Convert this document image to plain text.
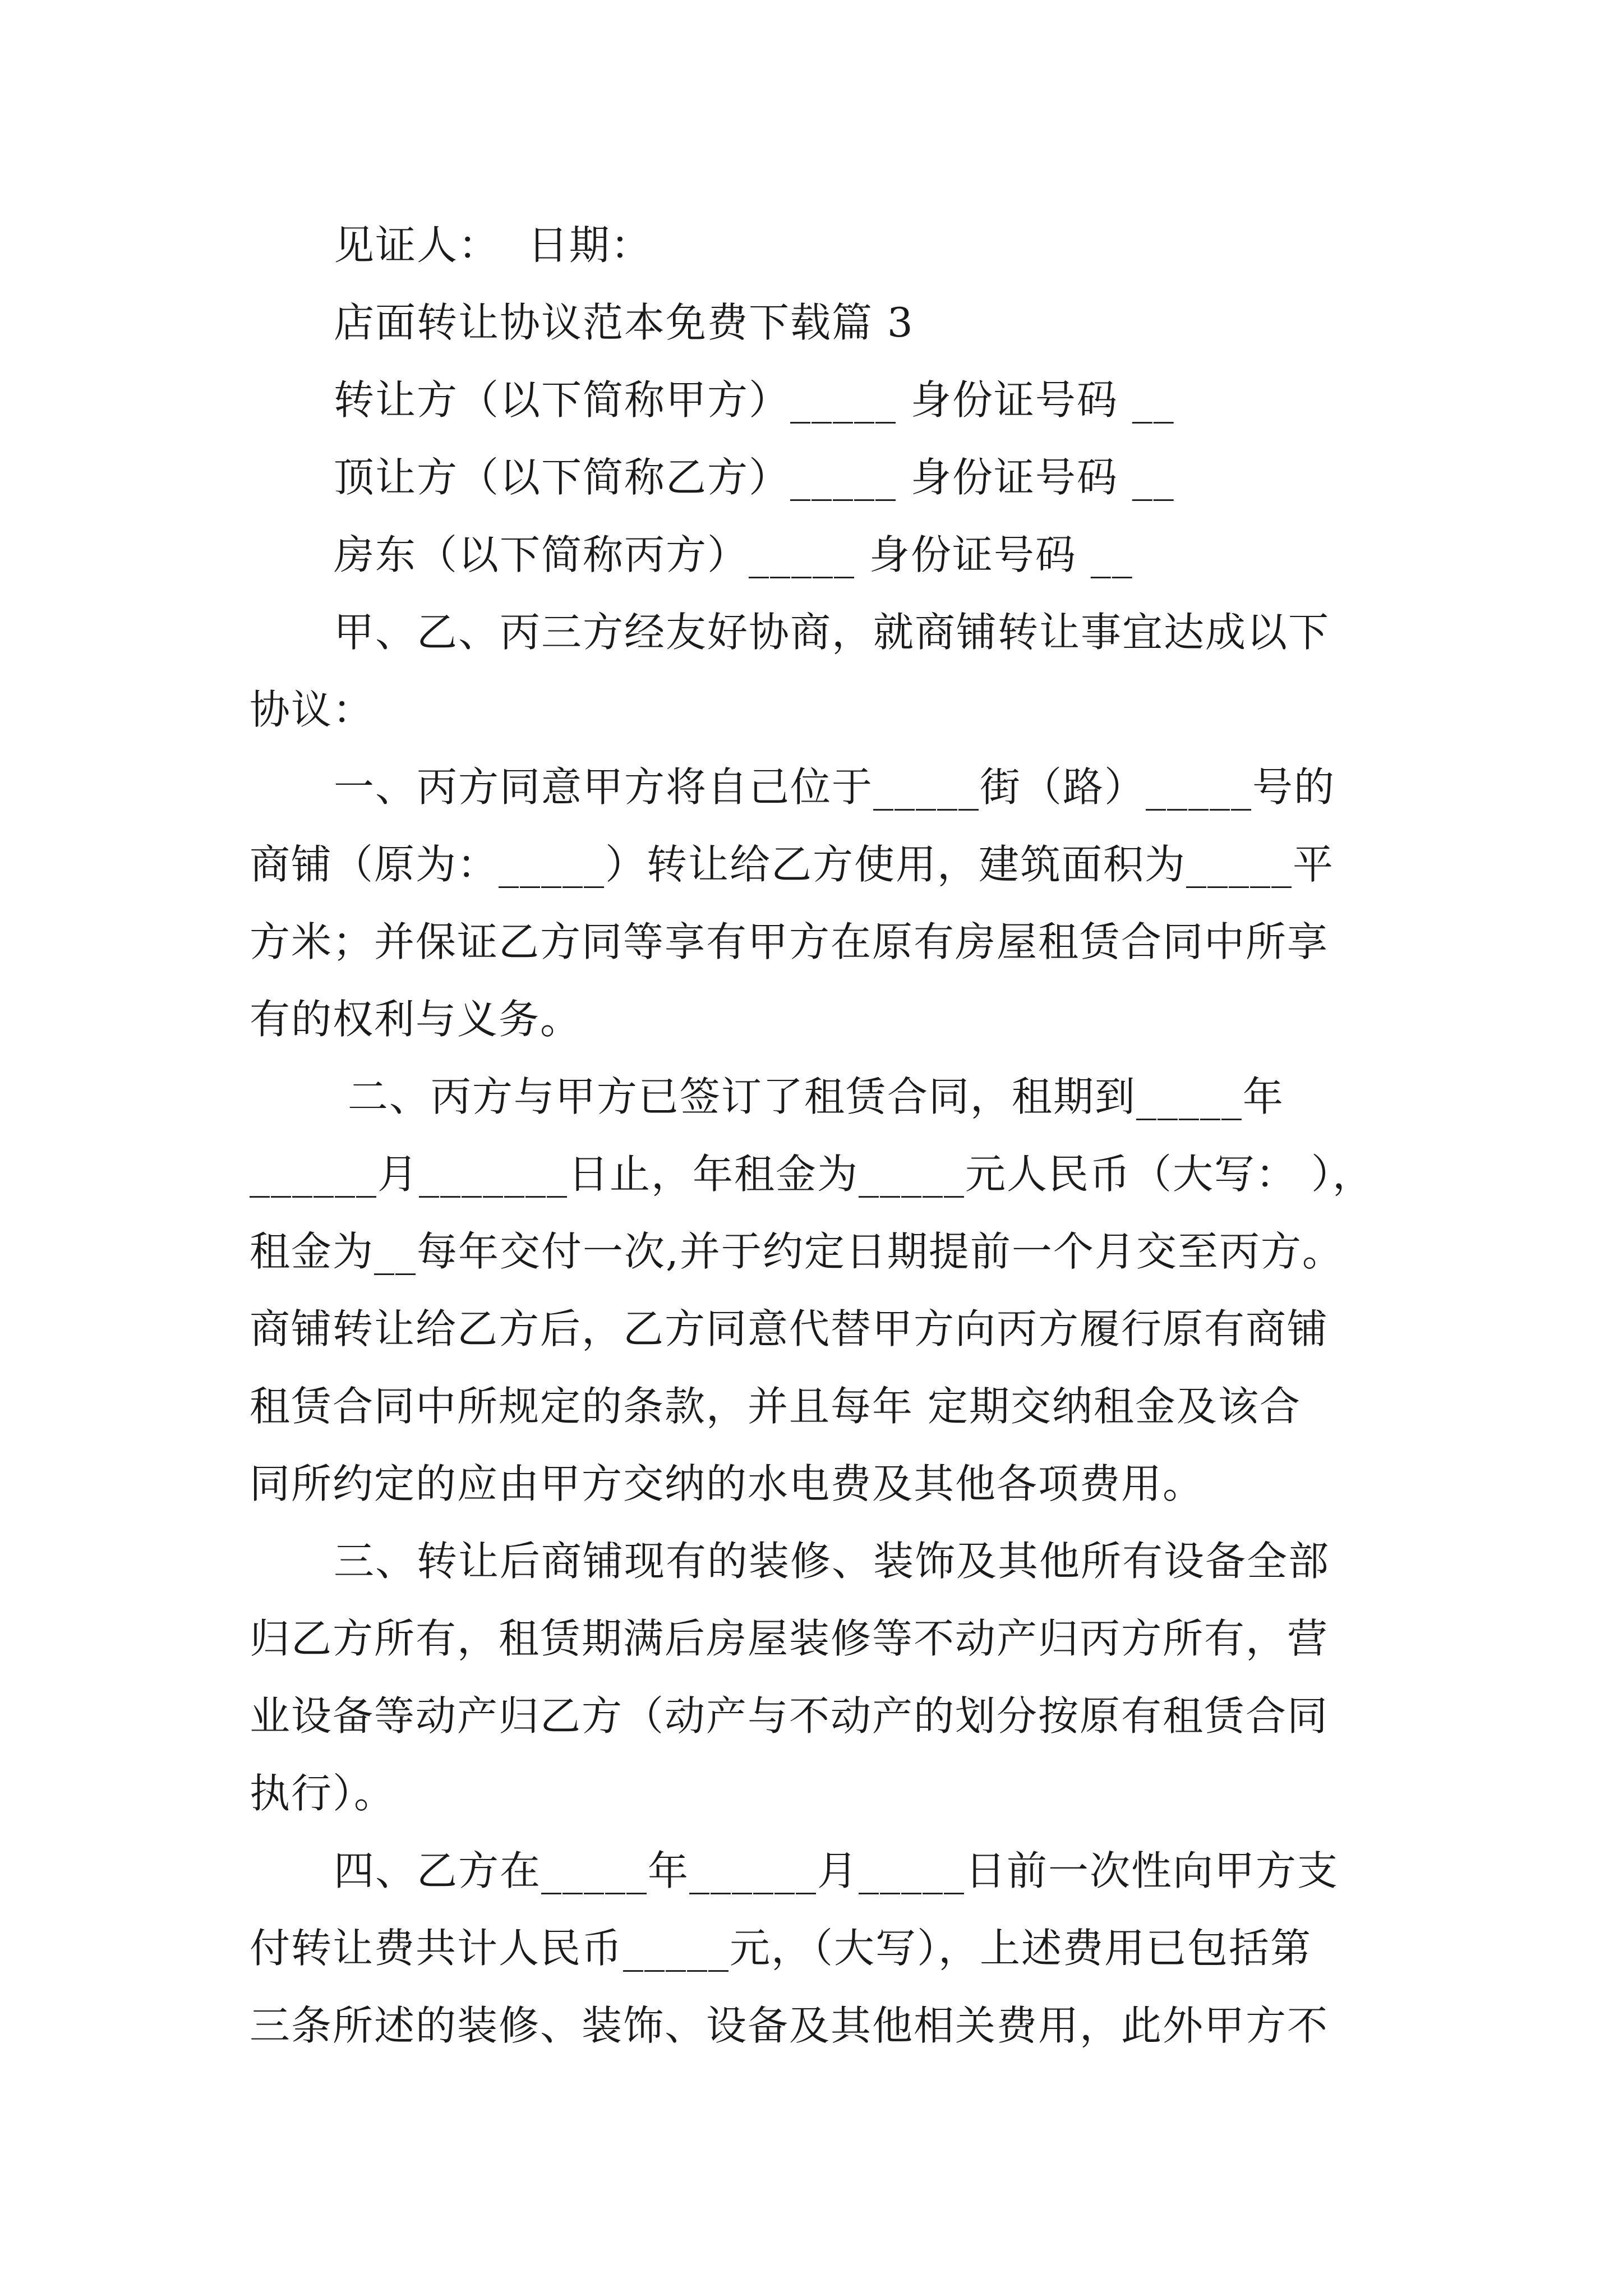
见证人：  日期：
店面转让协议范本免费下载篇 3
转让方（以下简称甲方）_____ 身份证号码 __
顶让方（以下简称乙方）_____ 身份证号码 __
房东（以下简称丙方）_____ 身份证号码 __
甲、乙、丙三方经友好协商，就商铺转让事宜达成以下
协议：
一、丙方同意甲方将自己位于_____街（路）_____号的
商铺（原为：_____）转让给乙方使用，建筑面积为_____平
方米；并保证乙方同等享有甲方在原有房屋租赁合同中所享
有的权利与义务。
二、丙方与甲方已签订了租赁合同，租期到_____年
______月_______日止，年租金为_____元人民币（大写： ），
租金为__每年交付一次,并于约定日期提前一个月交至丙方。
商铺转让给乙方后，乙方同意代替甲方向丙方履行原有商铺
租赁合同中所规定的条款，并且每年 定期交纳租金及该合
同所约定的应由甲方交纳的水电费及其他各项费用。
三、转让后商铺现有的装修、装饰及其他所有设备全部
归乙方所有，租赁期满后房屋装修等不动产归丙方所有，营
业设备等动产归乙方（动产与不动产的划分按原有租赁合同
执行）。
四、乙方在_____年______月_____日前一次性向甲方支
付转让费共计人民币_____元，（大写），上述费用已包括第
三条所述的装修、装饰、设备及其他相关费用，此外甲方不
